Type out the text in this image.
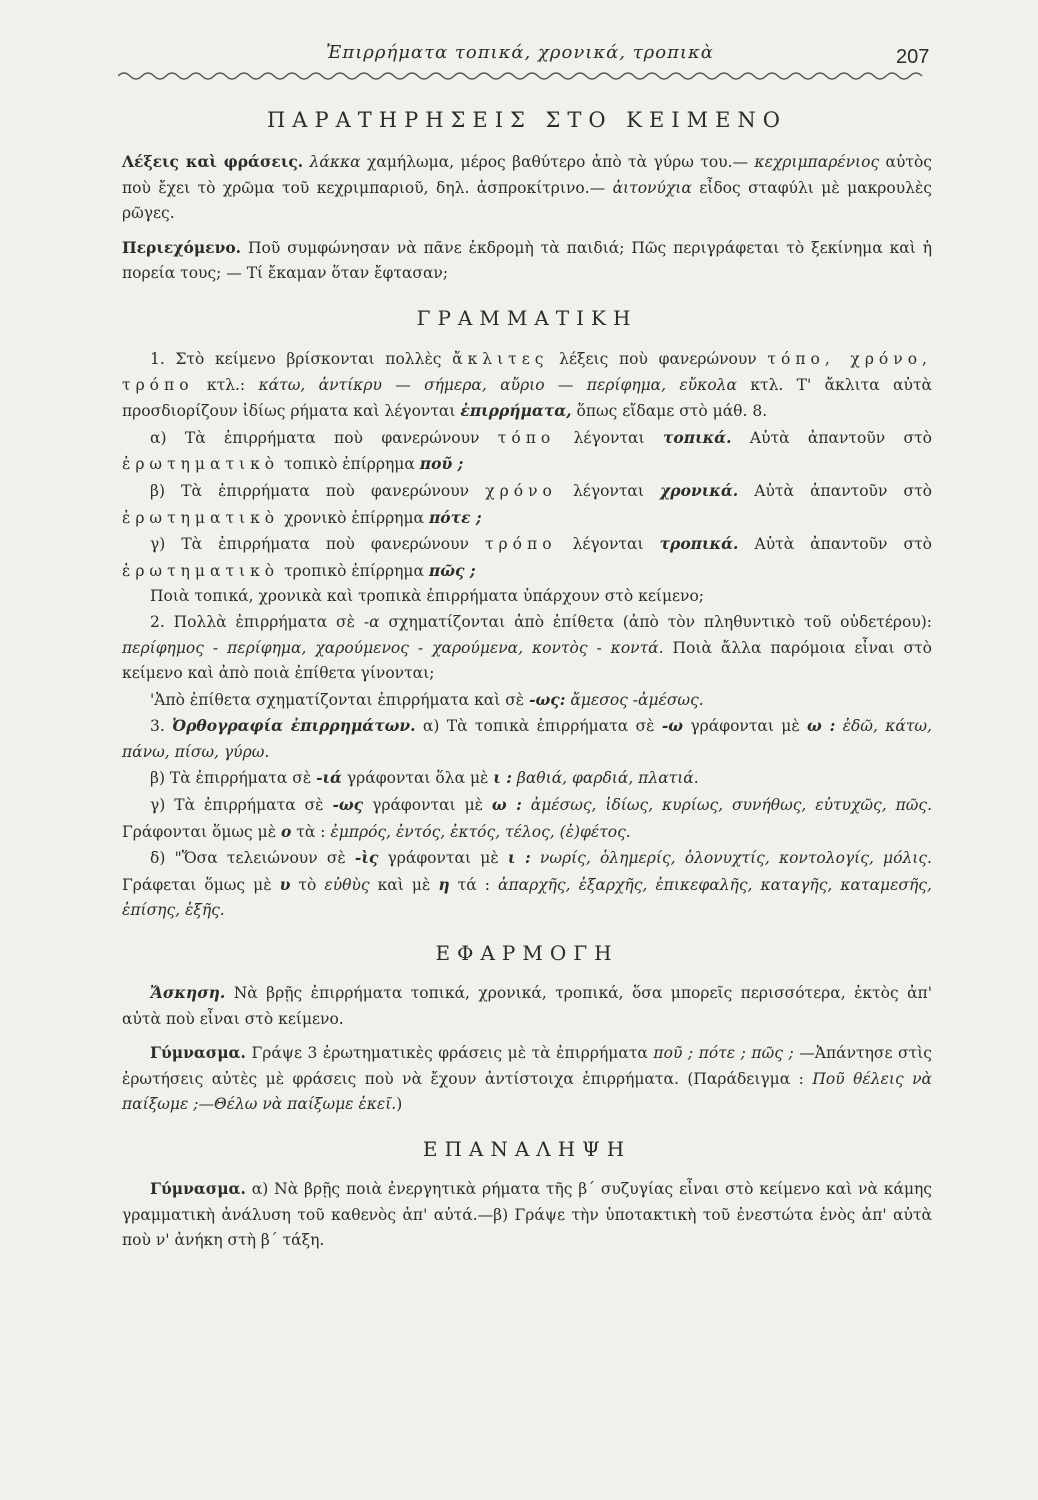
Ἐπιρρήματα τοπικά, χρονικά, τροπικὰ	207
ΠΑΡΑΤΗΡΗΣΕΙΣ ΣΤΟ ΚΕΙΜΕΝΟ

Λέξεις καὶ φράσεις. λάκκα χαμήλωμα, μέρος βαθύτερο ἀπὸ τὰ γύρω του.— κεχριμπαρένιος αὐτὸς ποὺ ἔχει τὸ χρῶμα τοῦ κεχριμπαριοῦ, δηλ. ἀσπροκίτρινο.— ἀιτονύχια εἶδος σταφύλι μὲ μακρουλὲς ρῶγες.

Περιεχόμενο. Ποῦ συμφώνησαν νὰ πᾶνε ἐκδρομὴ τὰ παιδιά; Πῶς περιγράφεται τὸ ξεκίνημα καὶ ἡ πορεία τους; — Τί ἔκαμαν ὅταν ἔφτασαν;

ΓΡΑΜΜΑΤΙΚΗ

1. Στὸ κείμενο βρίσκονται πολλὲς ἄκλιτες λέξεις ποὺ φανερώνουν τόπο, χρόνο, τρόπο κτλ.: κάτω, ἀντίκρυ — σήμερα, αὔριο — περίφημα, εὔκολα κτλ. Τ' ἄκλιτα αὐτὰ προσδιορίζουν ἰδίως ρήματα καὶ λέγονται ἐπιρρήματα, ὅπως εἴδαμε στὸ μάθ. 8.

α) Τὰ ἐπιρρήματα ποὺ φανερώνουν τόπο λέγονται τοπικά. Αὐτὰ ἀπαντοῦν στὸ ἐρωτηματικὸ τοπικὸ ἐπίρρημα ποῦ ;

β) Τὰ ἐπιρρήματα ποὺ φανερώνουν χρόνο λέγονται χρονικά. Αὐτὰ ἀπαντοῦν στὸ ἐρωτηματικὸ χρονικὸ ἐπίρρημα πότε ;

γ) Τὰ ἐπιρρήματα ποὺ φανερώνουν τρόπο λέγονται τροπικά. Αὐτὰ ἀπαντοῦν στὸ ἐρωτηματικὸ τροπικὸ ἐπίρρημα πῶς ;

Ποιὰ τοπικά, χρονικὰ καὶ τροπικὰ ἐπιρρήματα ὑπάρχουν στὸ κείμενο;

2. Πολλὰ ἐπιρρήματα σὲ -α σχηματίζονται ἀπὸ ἐπίθετα (ἀπὸ τὸν πληθυντικὸ τοῦ οὐδετέρου): περίφημος - περίφημα, χαρούμενος - χαρούμενα, κοντὸς - κοντά. Ποιὰ ἄλλα παρόμοια εἶναι στὸ κείμενο καὶ ἀπὸ ποιὰ ἐπίθετα γίνονται;

'Ἀπὸ ἐπίθετα σχηματίζονται ἐπιρρήματα καὶ σὲ -ως: ἄμεσος -ἀμέσως.

3. Ὀρθογραφία ἐπιρρημάτων. α) Τὰ τοπικὰ ἐπιρρήματα σὲ -ω γράφονται μὲ ω : ἐδῶ, κάτω, πάνω, πίσω, γύρω.

β) Τὰ ἐπιρρήματα σὲ -ιά γράφονται ὅλα μὲ ι : βαθιά, φαρδιά, πλατιά.

γ) Τὰ ἐπιρρήματα σὲ -ως γράφονται μὲ ω : ἀμέσως, ἰδίως, κυρίως, συνήθως, εὐτυχῶς, πῶς. Γράφονται ὅμως μὲ ο τὰ : ἐμπρός, ἐντός, ἐκτός, τέλος, (ἐ)φέτος.

δ) "Ὅσα τελειώνουν σὲ -ὶς γράφονται μὲ ι : νωρίς, ὁλημερίς, ὁλονυχτίς, κοντολογίς, μόλις. Γράφεται ὅμως μὲ υ τὸ εὐθὺς καὶ μὲ η τά : ἀπαρχῆς, ἐξαρχῆς, ἐπικεφαλῆς, καταγῆς, καταμεσῆς, ἐπίσης, ἑξῆς.

ΕΦΑΡΜΟΓΗ

Ἄσκηση. Νὰ βρῇς ἐπιρρήματα τοπικά, χρονικά, τροπικά, ὅσα μπορεῖς περισσότερα, ἐκτὸς ἀπ' αὐτὰ ποὺ εἶναι στὸ κείμενο.

Γύμνασμα. Γράψε 3 ἐρωτηματικὲς φράσεις μὲ τὰ ἐπιρρήματα ποῦ ; πότε ; πῶς ; —Ἀπάντησε στὶς ἐρωτήσεις αὐτὲς μὲ φράσεις ποὺ νὰ ἔχουν ἀντίστοιχα ἐπιρρήματα. (Παράδειγμα : Ποῦ θέλεις νὰ παίξωμε ;—Θέλω νὰ παίξωμε ἐκεῖ.)

ΕΠΑΝΑΛΗΨΗ

Γύμνασμα. α) Νὰ βρῇς ποιὰ ἐνεργητικὰ ρήματα τῆς β΄ συζυγίας εἶναι στὸ κείμενο καὶ νὰ κάμης γραμματικὴ ἀνάλυση τοῦ καθενὸς ἀπ' αὐτά.—β) Γράψε τὴν ὑποτακτικὴ τοῦ ἐνεστώτα ἑνὸς ἀπ' αὐτὰ ποὺ ν' ἀνήκη στὴ β΄ τάξη.
